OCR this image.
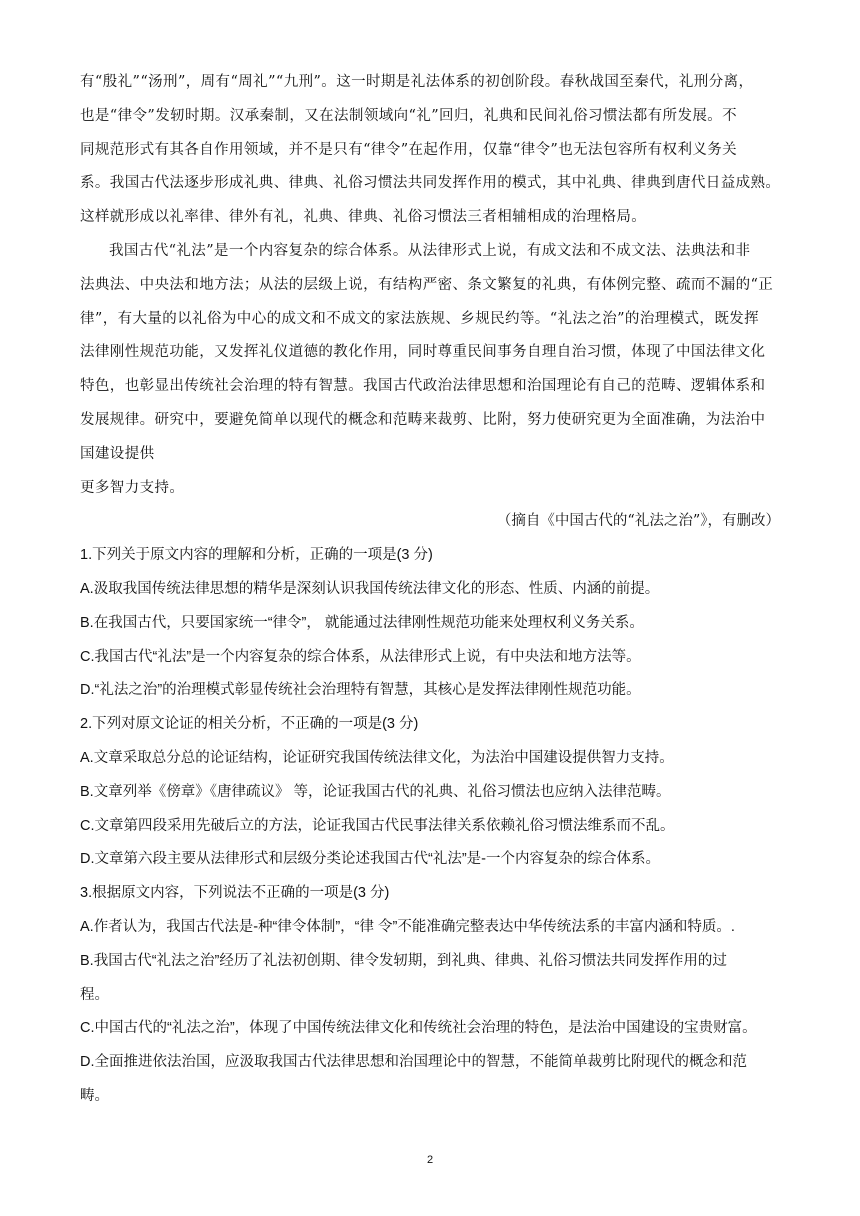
有“殷礼”“汤刑”，周有“周礼”“九刑”。这一时期是礼法体系的初创阶段。春秋战国至秦代，礼刑分离，

也是“律令”发轫时期。汉承秦制，又在法制领域向“礼”回归，礼典和民间礼俗习惯法都有所发展。不

同规范形式有其各自作用领域，并不是只有“律令”在起作用，仅靠“律令”也无法包容所有权利义务关

系。我国古代法逐步形成礼典、律典、礼俗习惯法共同发挥作用的模式，其中礼典、律典到唐代日益成熟。

这样就形成以礼率律、律外有礼，礼典、律典、礼俗习惯法三者相辅相成的治理格局。

我国古代“礼法”是一个内容复杂的综合体系。从法律形式上说，有成文法和不成文法、法典法和非

法典法、中央法和地方法；从法的层级上说，有结构严密、条文繁复的礼典，有体例完整、疏而不漏的“正

律”，有大量的以礼俗为中心的成文和不成文的家法族规、乡规民约等。“礼法之治”的治理模式，既发挥

法律刚性规范功能，又发挥礼仪道德的教化作用，同时尊重民间事务自理自治习惯，体现了中国法律文化

特色，也彰显出传统社会治理的特有智慧。我国古代政治法律思想和治国理论有自己的范畴、逻辑体系和

发展规律。研究中，要避免简单以现代的概念和范畴来裁剪、比附，努力使研究更为全面准确，为法治中

国建设提供

更多智力支持。

（摘自《中国古代的“礼法之治”》，有删改）

1.下列关于原文内容的理解和分析，正确的一项是(3 分)

A.汲取我国传统法律思想的精华是深刻认识我国传统法律文化的形态、性质、内涵的前提。

B.在我国古代，只要国家统一“律令”， 就能通过法律刚性规范功能来处理权利义务关系。

C.我国古代“礼法”是一个内容复杂的综合体系，从法律形式上说，有中央法和地方法等。

D.“礼法之治”的治理模式彰显传统社会治理特有智慧，其核心是发挥法律刚性规范功能。

2.下列对原文论证的相关分析，不正确的一项是(3 分)

A.文章采取总分总的论证结构，论证研究我国传统法律文化，为法治中国建设提供智力支持。

B.文章列举《傍章》《唐律疏议》 等，论证我国古代的礼典、礼俗习惯法也应纳入法律范畴。

C.文章第四段采用先破后立的方法，论证我国古代民事法律关系依赖礼俗习惯法维系而不乱。

D.文章第六段主要从法律形式和层级分类论述我国古代“礼法”是-一个内容复杂的综合体系。

3.根据原文内容，下列说法不正确的一项是(3 分)

A.作者认为，我国古代法是-种“律令体制”，“律 令”不能准确完整表达中华传统法系的丰富内涵和特质。.

B.我国古代“礼法之治”经历了礼法初创期、律令发轫期，到礼典、律典、礼俗习惯法共同发挥作用的过

程。

C.中国古代的“礼法之治”，体现了中国传统法律文化和传统社会治理的特色，是法治中国建设的宝贵财富。

D.全面推进依法治国，应汲取我国古代法律思想和治国理论中的智慧，不能简单裁剪比附现代的概念和范

畴。

2
